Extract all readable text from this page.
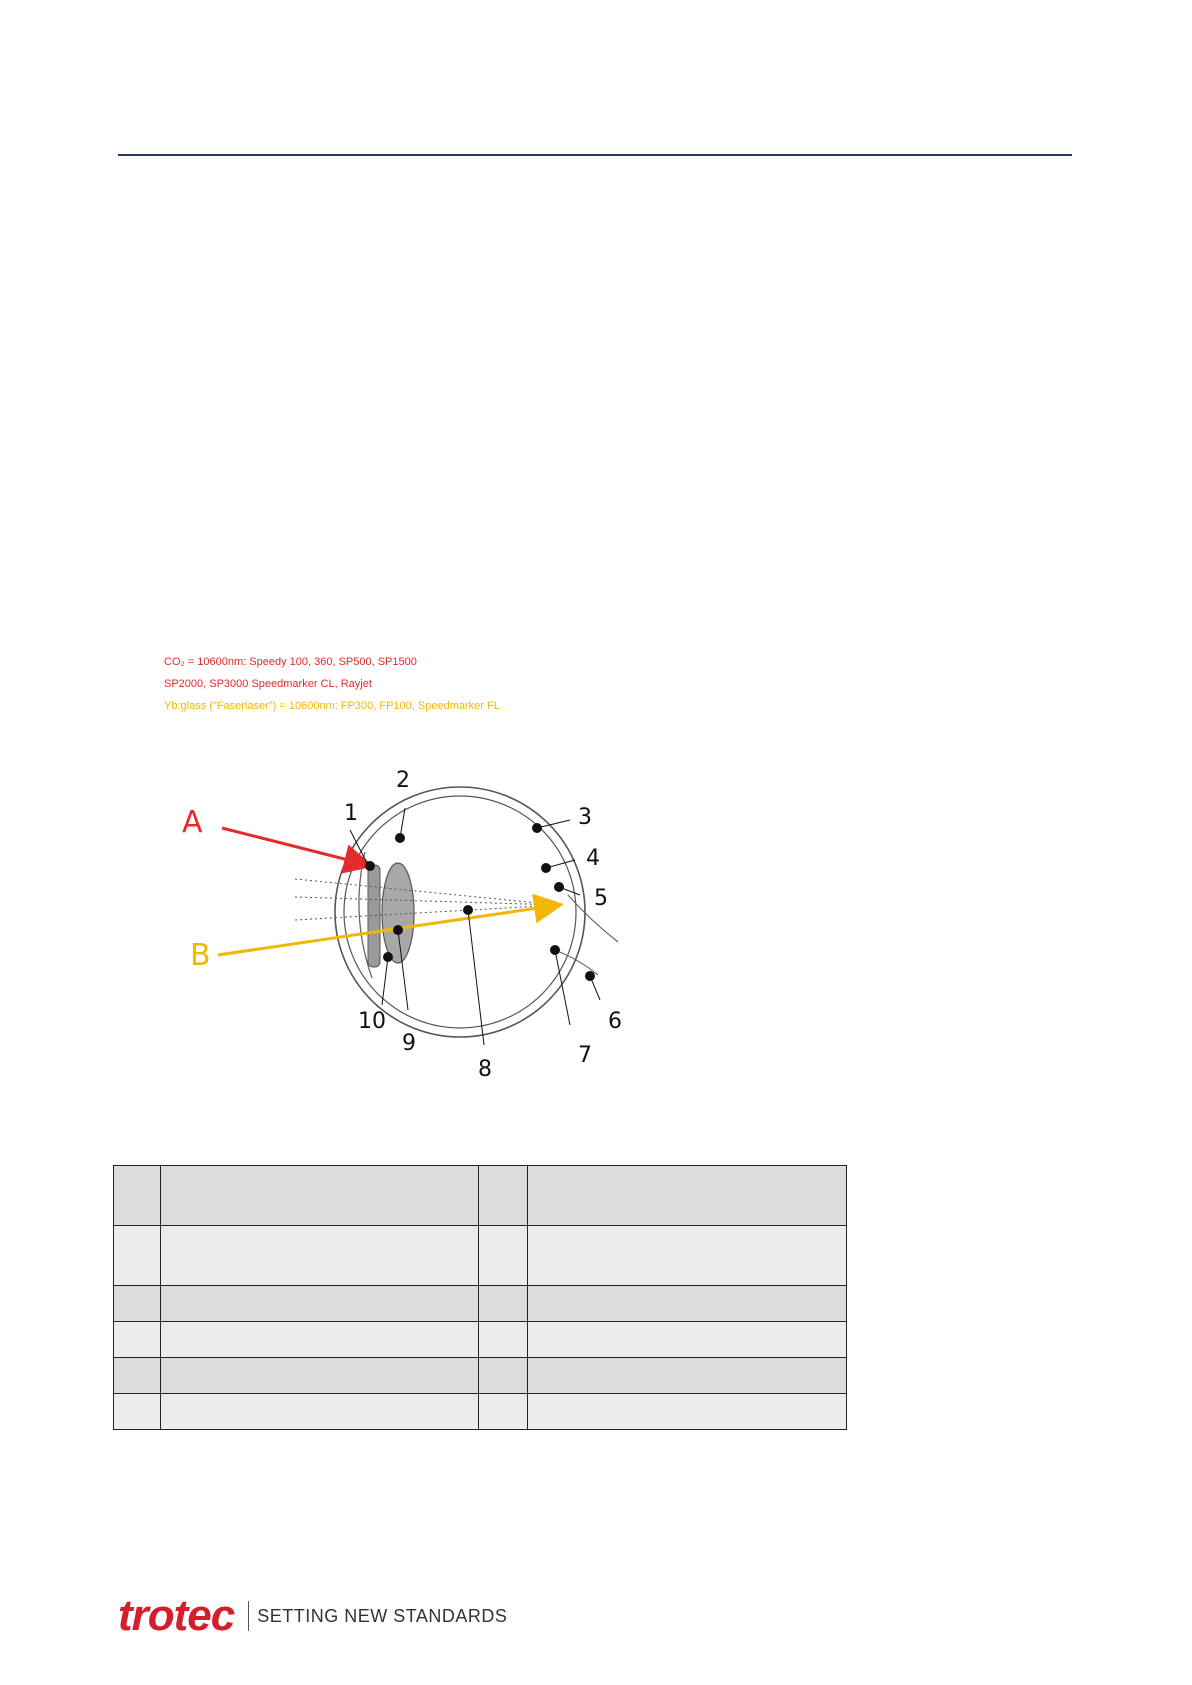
CO₂ = 10600nm: Speedy 100, 360, SP500, SP1500
SP2000, SP3000 Speedmarker CL, Rayjet
Yb:glass ("Faserlaser") = 10600nm: FP300, FP100, Speedmarker FL
A
B
1
2
3
4
5
6
7
8
9
10

trotec SETTING NEW STANDARDS
